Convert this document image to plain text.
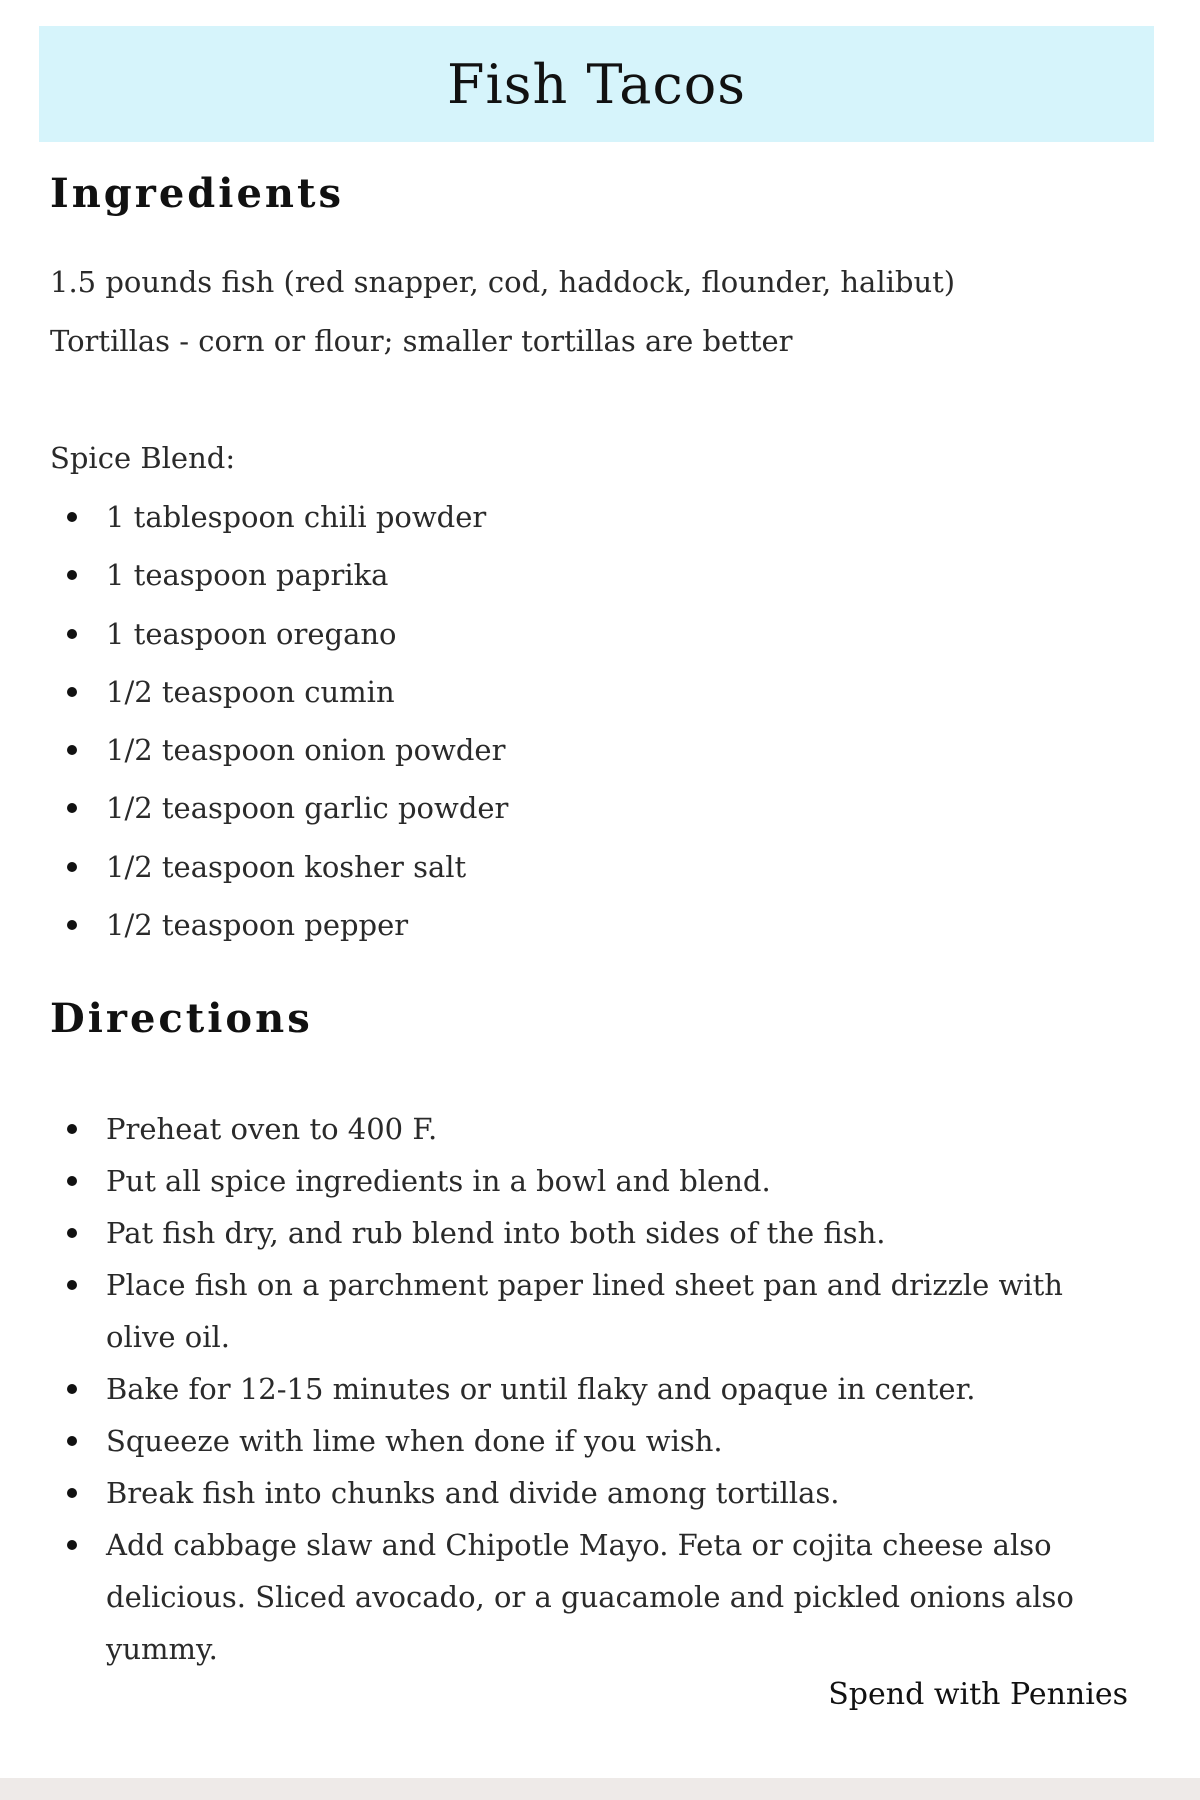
Fish Tacos
Ingredients

1.5 pounds fish (red snapper, cod, haddock, flounder, halibut)

Tortillas - corn or flour; smaller tortillas are better

Spice Blend:

1 tablespoon chili powder
1 teaspoon paprika
1 teaspoon oregano
1/2 teaspoon cumin
1/2 teaspoon onion powder
1/2 teaspoon garlic powder
1/2 teaspoon kosher salt
1/2 teaspoon pepper
Directions
Preheat oven to 400 F.
Put all spice ingredients in a bowl and blend.
Pat fish dry, and rub blend into both sides of the fish.
Place fish on a parchment paper lined sheet pan and drizzle with olive oil.
Bake for 12-15 minutes or until flaky and opaque in center.
Squeeze with lime when done if you wish.
Break fish into chunks and divide among tortillas.
Add cabbage slaw and Chipotle Mayo. Feta or cojita cheese also delicious. Sliced avocado, or a guacamole and pickled onions also yummy.
Spend with Pennies
